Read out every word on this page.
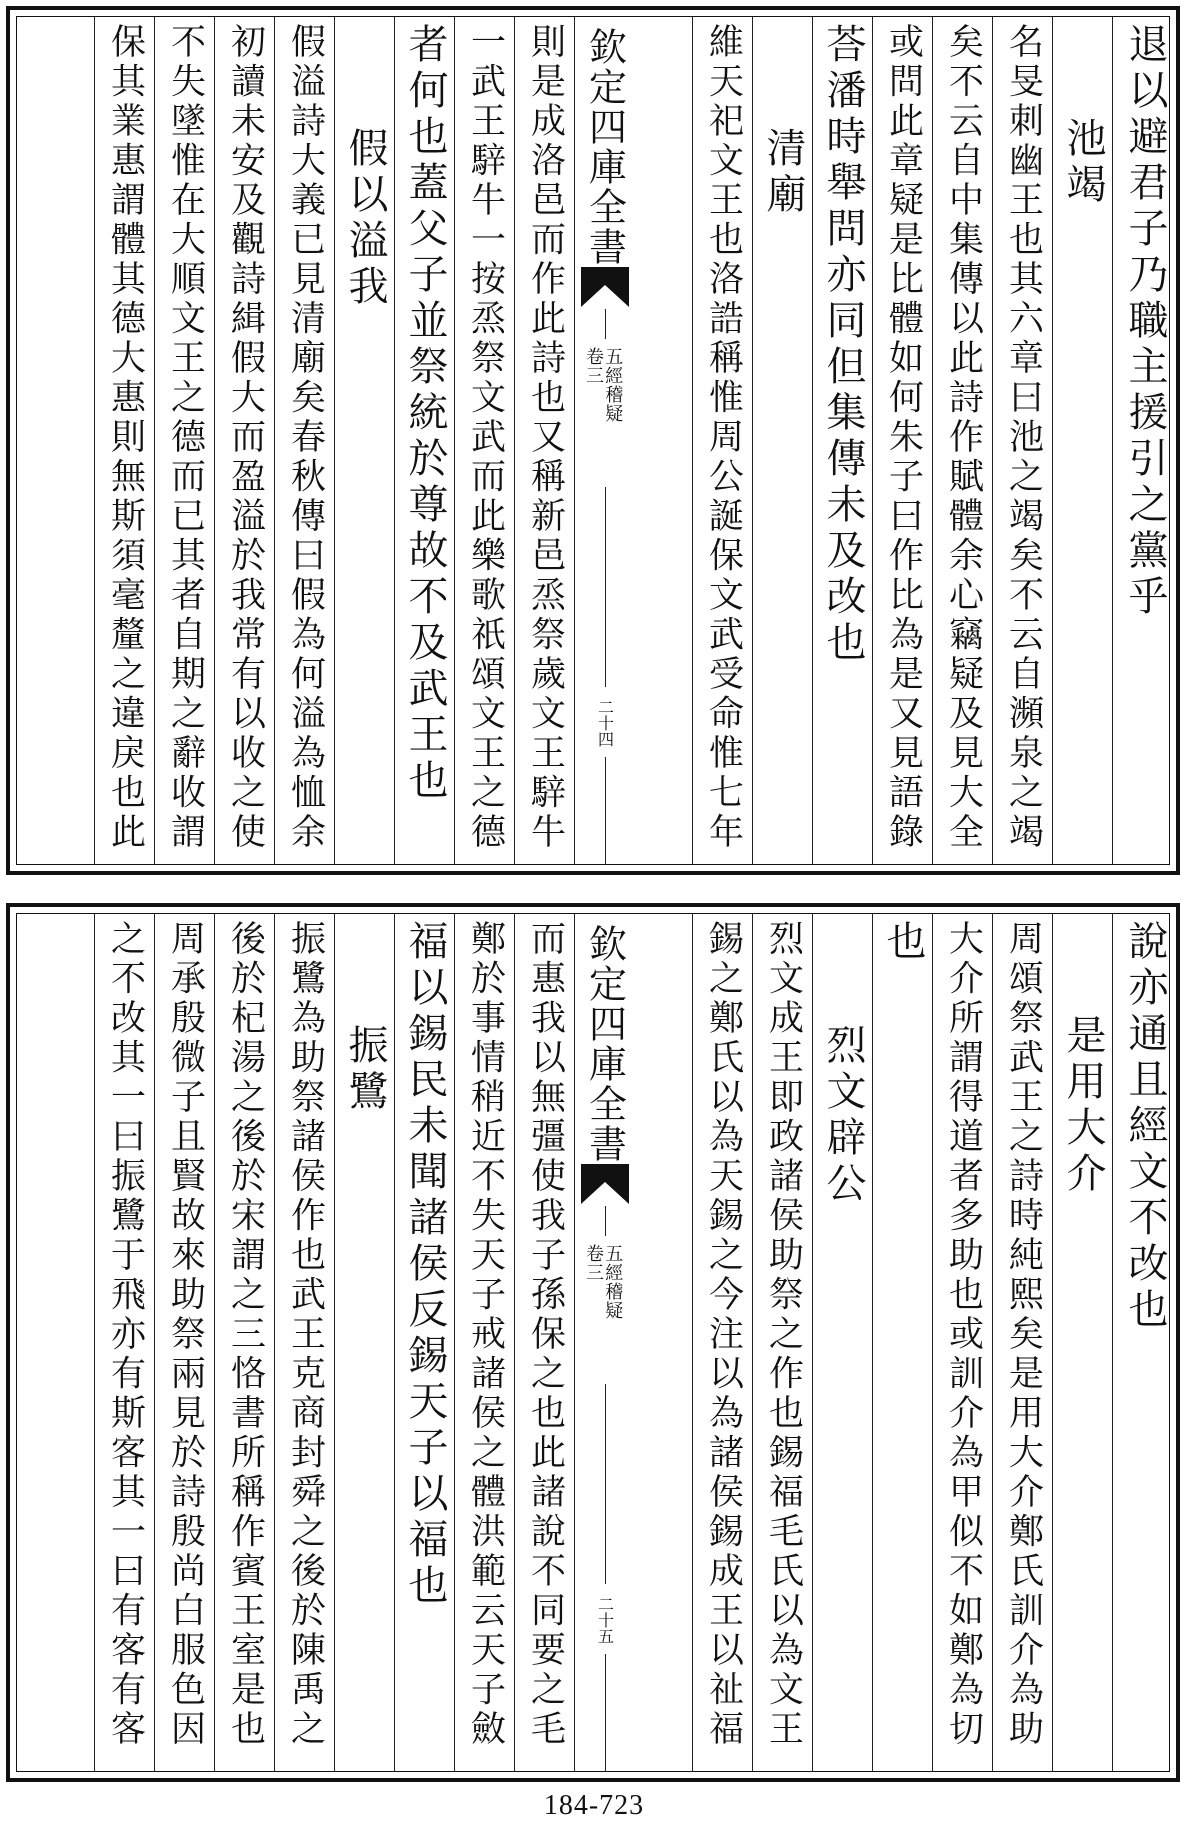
退以避君子乃職主援引之黨乎
池竭
名旻刺幽王也其六章曰池之竭矣不云自瀕泉之竭
矣不云自中集傳以此詩作賦體余心竊疑及見大全
或問此章疑是比體如何朱子曰作比為是又見語錄
荅潘時舉問亦同但集傳未及改也
清廟
維天祀文王也洛誥稱惟周公誕保文武受命惟七年
則是成洛邑而作此詩也又稱新邑烝祭歲文王騂牛
一武王騂牛一按烝祭文武而此樂歌祇頌文王之德
者何也蓋父子並祭統於尊故不及武王也
假以溢我
假溢詩大義已見清廟矣春秋傳曰假為何溢為恤余
初讀未安及觀詩緝假大而盈溢於我常有以收之使
不失墜惟在大順文王之德而已其者自期之辭收謂
保其業惠謂體其德大惠則無斯須毫釐之違戾也此	欽定四庫全書
五經稽疑
卷三
二十四
說亦通且經文不改也
是用大介
周頌祭武王之詩時純熙矣是用大介鄭氏訓介為助
大介所謂得道者多助也或訓介為甲似不如鄭為切
也
烈文辟公
烈文成王即政諸侯助祭之作也錫福毛氏以為文王
錫之鄭氏以為天錫之今注以為諸侯錫成王以祉福
而惠我以無彊使我子孫保之也此諸說不同要之毛
鄭於事情稍近不失天子戒諸侯之體洪範云天子斂
福以錫民未聞諸侯反錫天子以福也
振鷺
振鷺為助祭諸侯作也武王克商封舜之後於陳禹之
後於杞湯之後於宋謂之三恪書所稱作賓王室是也
周承殷微子且賢故來助祭兩見於詩殷尚白服色因
之不改其一曰振鷺于飛亦有斯客其一曰有客有客	欽定四庫全書
五經稽疑
卷三
二十五
184-723
